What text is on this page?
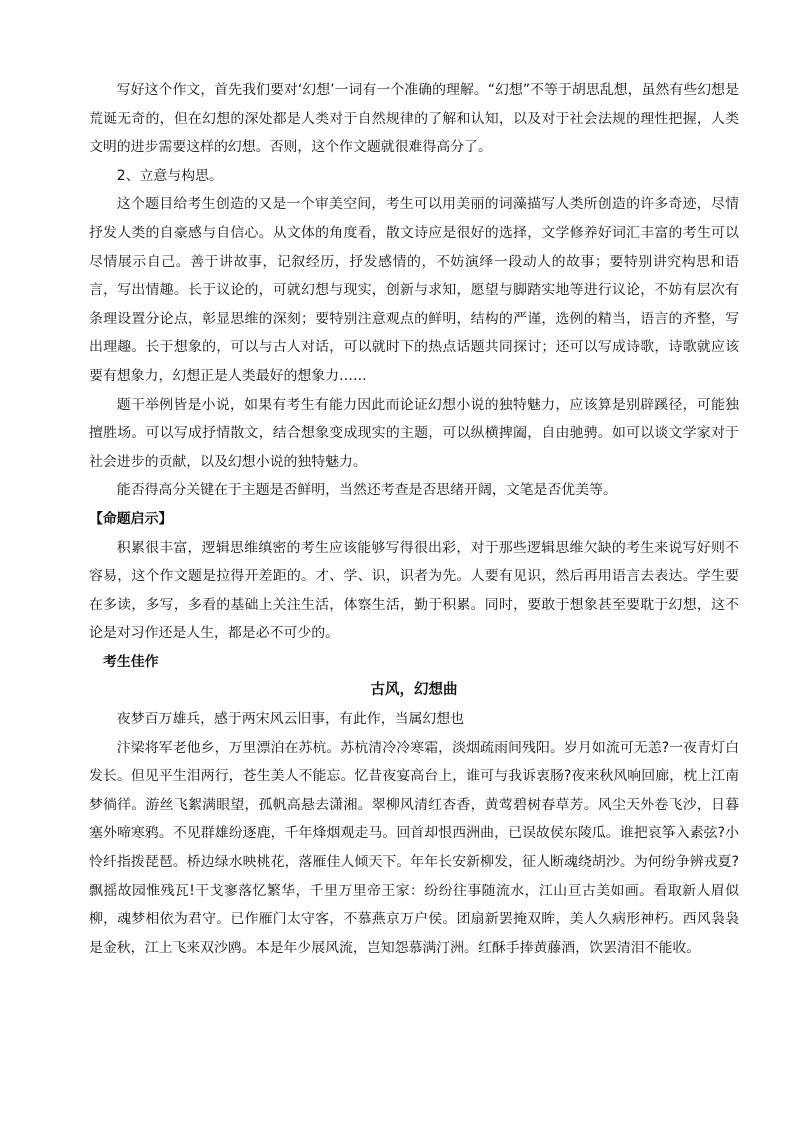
写好这个作文，首先我们要对‘幻想’一词有一个准确的理解。“幻想”不等于胡思乱想，虽然有些幻想是荒诞无奇的，但在幻想的深处都是人类对于自然规律的了解和认知，以及对于社会法规的理性把握，人类文明的进步需要这样的幻想。否则，这个作文题就很难得高分了。

2、立意与构思。

这个题目给考生创造的又是一个审美空间，考生可以用美丽的词藻描写人类所创造的许多奇迹，尽情抒发人类的自豪感与自信心。从文体的角度看，散文诗应是很好的选择，文学修养好词汇丰富的考生可以尽情展示自己。善于讲故事，记叙经历，抒发感情的，不妨演绎一段动人的故事；要特别讲究构思和语言，写出情趣。长于议论的，可就幻想与现实，创新与求知，愿望与脚踏实地等进行议论，不妨有层次有条理设置分论点，彰显思维的深刻；要特别注意观点的鲜明，结构的严谨，选例的精当，语言的齐整，写出理趣。长于想象的，可以与古人对话，可以就时下的热点话题共同探讨；还可以写成诗歌，诗歌就应该要有想象力，幻想正是人类最好的想象力……

题干举例皆是小说，如果有考生有能力因此而论证幻想小说的独特魅力，应该算是别辟蹊径，可能独擅胜场。可以写成抒情散文，结合想象变成现实的主题，可以纵横捭阖，自由驰骋。如可以谈文学家对于社会进步的贡献，以及幻想小说的独特魅力。

能否得高分关键在于主题是否鲜明，当然还考查是否思绪开阔，文笔是否优美等。

【命题启示】

积累很丰富，逻辑思维缜密的考生应该能够写得很出彩，对于那些逻辑思维欠缺的考生来说写好则不容易，这个作文题是拉得开差距的。才、学、识，识者为先。人要有见识，然后再用语言去表达。学生要在多读，多写，多看的基础上关注生活，体察生活，勤于积累。同时，要敢于想象甚至要耽于幻想，这不论是对习作还是人生，都是必不可少的。

考生佳作

古风，幻想曲

夜梦百万雄兵，感于两宋风云旧事，有此作，当属幻想也

汴梁将军老他乡，万里漂泊在苏杭。苏杭清冷冷寒霜，淡烟疏雨间残阳。岁月如流可无恙?一夜青灯白发长。但见平生泪两行，苍生美人不能忘。忆昔夜宴高台上，谁可与我诉衷肠?夜来秋风响回廊，枕上江南梦徜徉。游丝飞絮满眼望，孤帆高悬去潇湘。翠柳风清红杏香，黄莺碧树春草芳。风尘天外卷飞沙，日暮塞外啼寒鸦。不见群雄纷逐鹿，千年烽烟观走马。回首却恨西洲曲，已误故侯东陵瓜。谁把哀筝入素弦?小怜纤指拨琵琶。桥边绿水映桃花，落雁佳人倾天下。年年长安新柳发，征人断魂绕胡沙。为何纷争辨戎夏?飘摇故园惟残瓦!干戈寥落忆繁华，千里万里帝王家：纷纷往事随流水，江山亘古美如画。看取新人眉似柳，魂梦相依为君守。已作雁门太守客，不慕燕京万户侯。团扇新罢掩双眸，美人久病形神朽。西风袅袅是金秋，江上飞来双沙鸥。本是年少展风流，岂知怨慕满汀洲。红酥手捧黄藤酒，饮罢清泪不能收。
